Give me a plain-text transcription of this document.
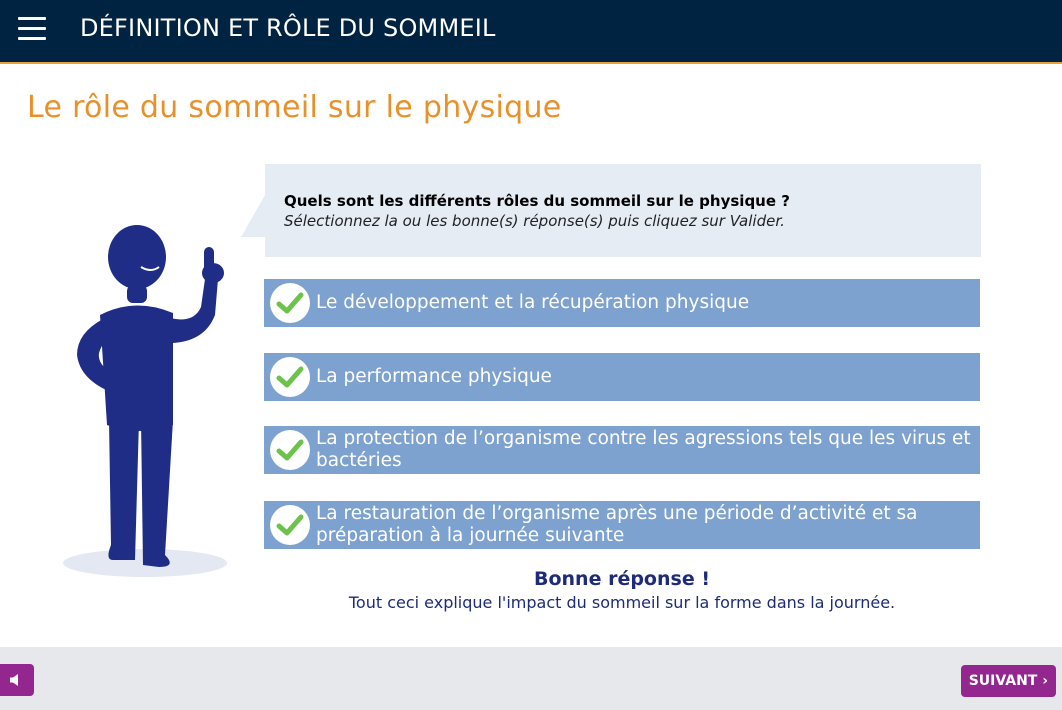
DÉFINITION ET RÔLE DU SOMMEIL
Le rôle du sommeil sur le physique
Quels sont les différents rôles du sommeil sur le physique ?
Sélectionnez la ou les bonne(s) réponse(s) puis cliquez sur Valider.
Le développement et la récupération physique
La performance physique
La protection de l’organisme contre les agressions tels que les virus et bactéries
La restauration de l’organisme après une période d’activité et sa préparation à la journée suivante
Bonne réponse !
Tout ceci explique l'impact du sommeil sur la forme dans la journée.
SUIVANT ›
